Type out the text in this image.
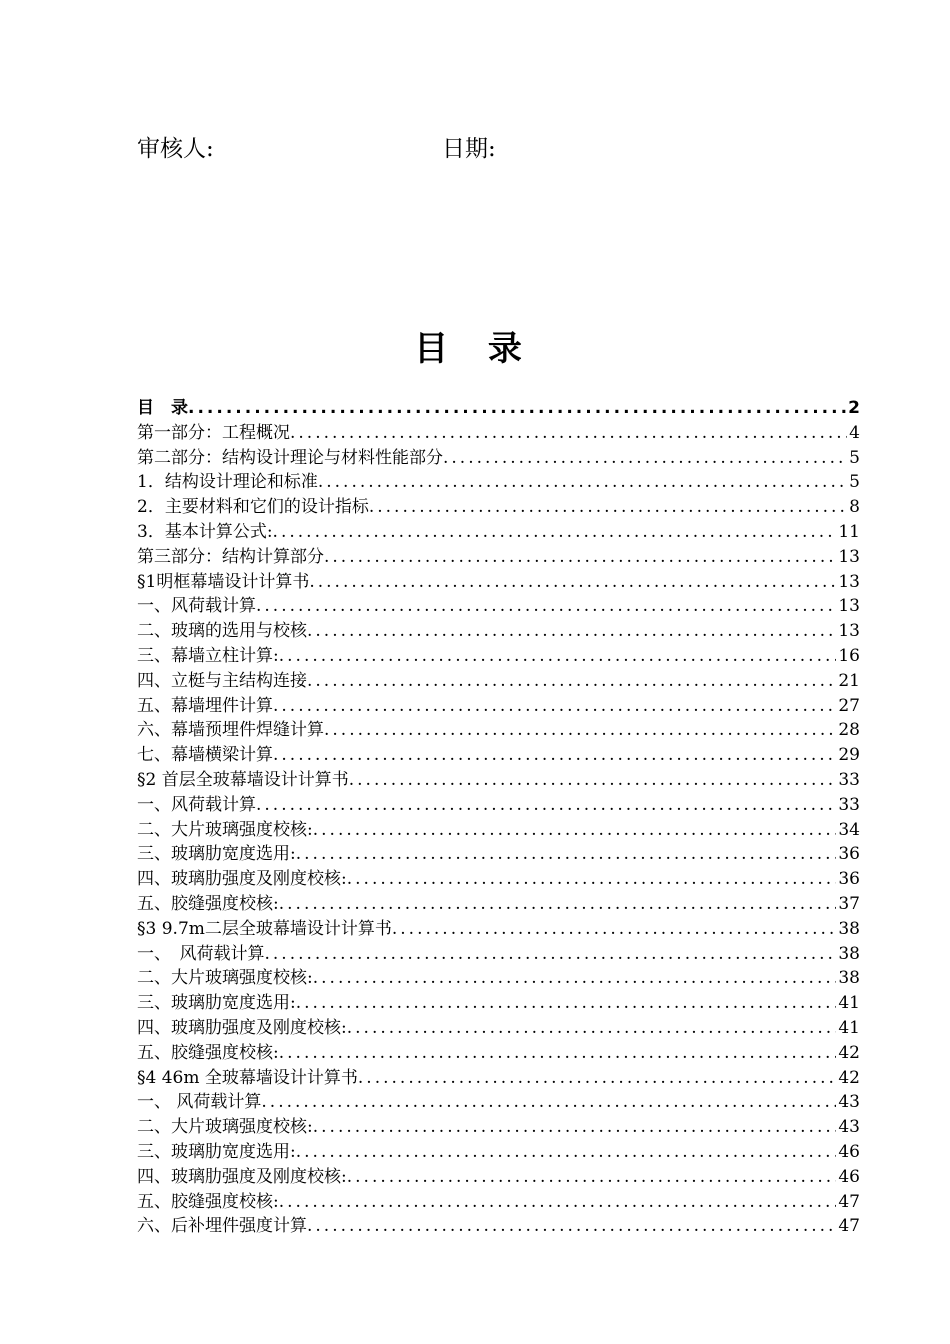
审核人:	日期:
目 录
目　录 .....	2
第一部分：工程概况 .....	4
第二部分：结构设计理论与材料性能部分 .....	5
1．结构设计理论和标准 .....	5
2．主要材料和它们的设计指标 .....	8
3．基本计算公式: .....	11
第三部分：结构计算部分 .....	13
§1明框幕墙设计计算书 .....	13
一、风荷载计算 .....	13
二、玻璃的选用与校核 .....	13
三、幕墙立柱计算: .....	16
四、立梃与主结构连接 .....	21
五、幕墙埋件计算 .....	27
六、幕墙预埋件焊缝计算 .....	28
七、幕墙横梁计算 .....	29
§2 首层全玻幕墙设计计算书 .....	33
一、风荷载计算 .....	33
二、大片玻璃强度校核: .....	34
三、玻璃肋宽度选用: .....	36
四、玻璃肋强度及刚度校核: .....	36
五、胶缝强度校核: .....	37
§3 9.7m二层全玻幕墙设计计算书 .....	38
一、　风荷载计算 .....	38
二、大片玻璃强度校核: .....	38
三、玻璃肋宽度选用: .....	41
四、玻璃肋强度及刚度校核: .....	41
五、胶缝强度校核: .....	42
§4 46m 全玻幕墙设计计算书 .....	42
一、 风荷载计算 .....	43
二、大片玻璃强度校核: .....	43
三、玻璃肋宽度选用: .....	46
四、玻璃肋强度及刚度校核: .....	46
五、胶缝强度校核: .....	47
六、后补埋件强度计算 .....	47
